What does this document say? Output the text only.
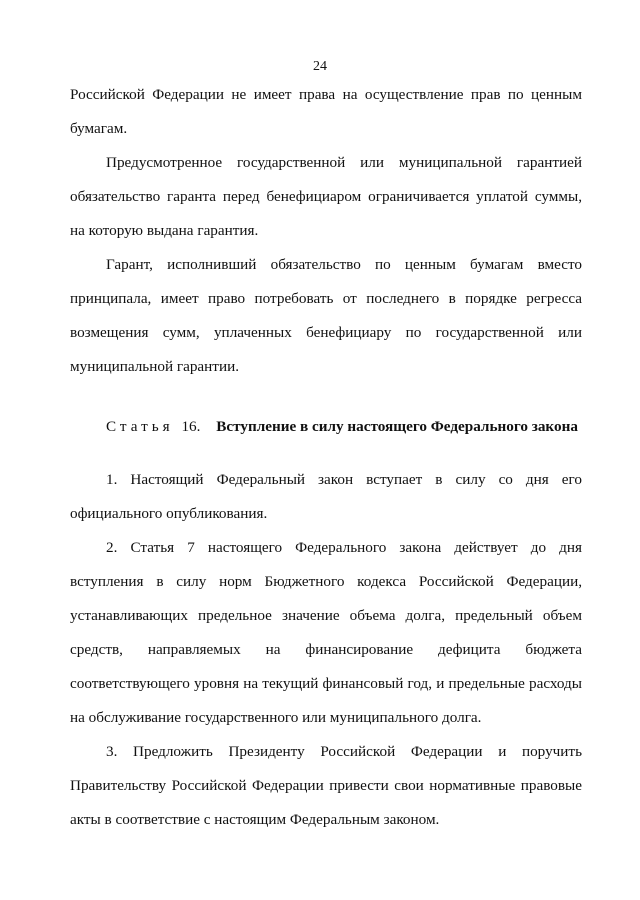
24

Российской Федерации не имеет права на осуществление прав по ценным бумагам.

Предусмотренное государственной или муниципальной гарантией обязательство гаранта перед бенефициаром ограничивается уплатой суммы, на которую выдана гарантия.

Гарант, исполнивший обязательство по ценным бумагам вместо принципала, имеет право потребовать от последнего в порядке регресса возмещения сумм, уплаченных бенефициару по государственной или муниципальной гарантии.

Статья 16. Вступление в силу настоящего Федерального закона

1. Настоящий Федеральный закон вступает в силу со дня его официального опубликования.

2. Статья 7 настоящего Федерального закона действует до дня вступления в силу норм Бюджетного кодекса Российской Федерации, устанавливающих предельное значение объема долга, предельный объем средств, направляемых на финансирование дефицита бюджета соответствующего уровня на текущий финансовый год, и предельные расходы на обслуживание государственного или муниципального долга.

3. Предложить Президенту Российской Федерации и поручить Правительству Российской Федерации привести свои нормативные правовые акты в соответствие с настоящим Федеральным законом.
